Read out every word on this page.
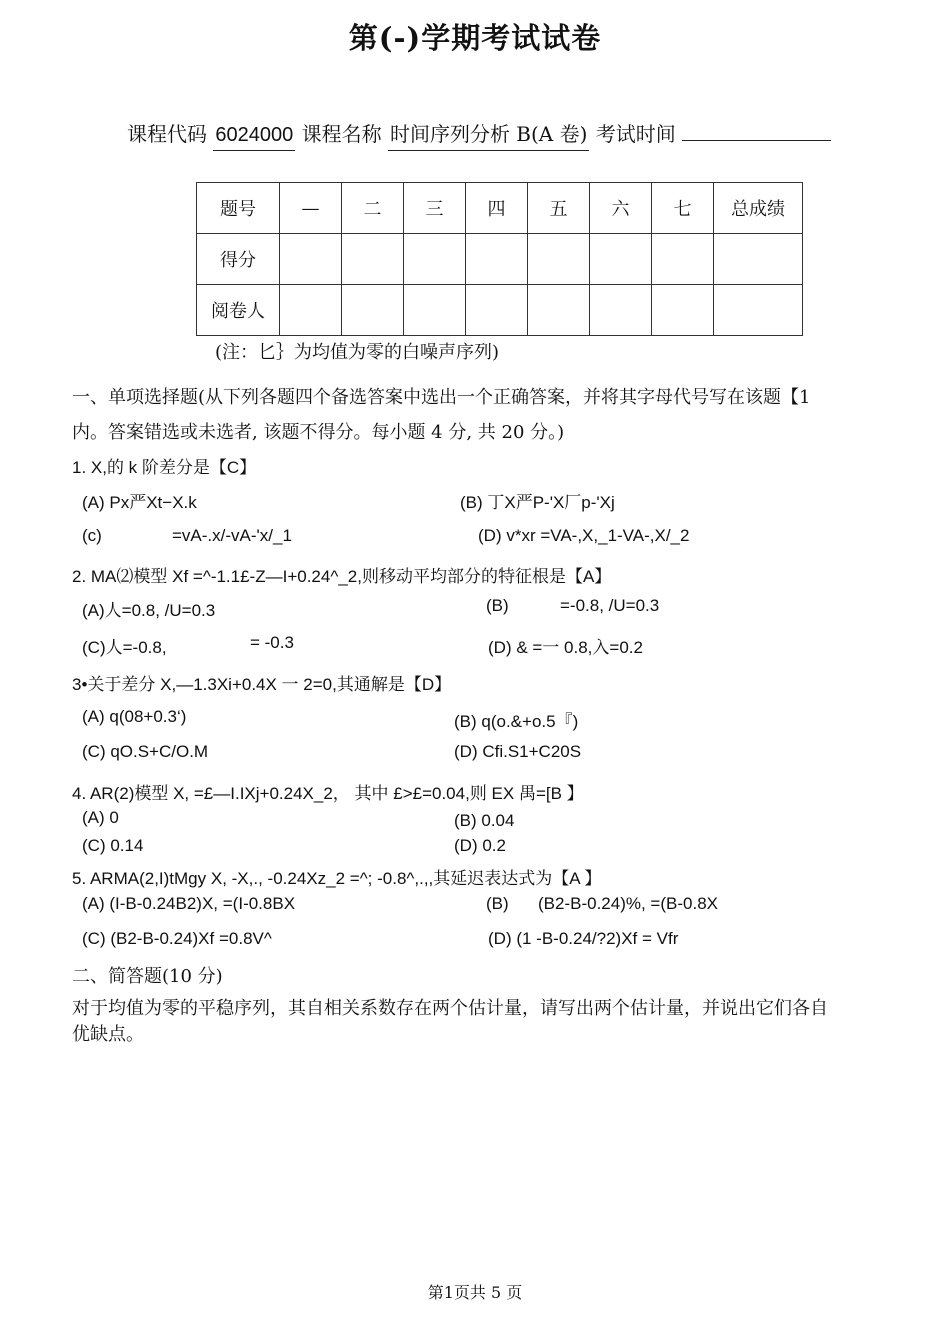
第(-)学期考试试卷
课程代码 6024000 课程名称 时间序列分析 B(A 卷) 考试时间
题号	—	二	三	四	五	六	七	总成绩
得分								
阅卷人								
(注：匕｝为均值为零的白噪声序列)
一、单项选择题(从下列各题四个备选答案中选出一个正确答案，并将其字母代号写在该题【1
内。答案错选或未选者, 该题不得分。每小题 4 分, 共 20 分。)
1. X,的 k 阶差分是【C】
(A) Px严Xt−X.k	(B) 丁X严P-'X厂p-'Xj
(c)	=vA-.x/-vA-'x/_1	(D) v*xr =VA-,X,_1-VA-,X/_2
2. MA⑵模型 Xf =^-1.1£-Z—I+0.24^_2,则移动平均部分的特征根是【A】
(A)人=0.8, /U=0.3	(B)	=-0.8, /U=0.3
(C)人=-0.8,	= -0.3	(D) & =一 0.8,入=0.2
3•关于差分 X,—1.3Xi+0.4X 一 2=0,其通解是【D】
(A) q(08+0.3‘)	(B) q(o.&+o.5『)
(C) qO.S+C/O.M	(D) Cfi.S1+C20S
4. AR(2)模型 X, =£—I.IXj+0.24X_2， 其中 £>£=0.04,则 EX 禺=[B 】
(A) 0	(B) 0.04
(C) 0.14	(D) 0.2
5. ARMA(2,I)tMgy X, -X,., -0.24Xz_2 =^; -0.8^,.,,其延迟表达式为【A 】
(A) (I-B-0.24B2)X, =(I-0.8BX	(B) (B2-B-0.24)%, =(B-0.8X
(C) (B2-B-0.24)Xf =0.8V^	(D) (1 -B-0.24/?2)Xf = Vfr
二、简答题(10 分)
对于均值为零的平稳序列，其自相关系数存在两个估计量，请写出两个估计量，并说出它们各自
优缺点。
第1页共 5 页
